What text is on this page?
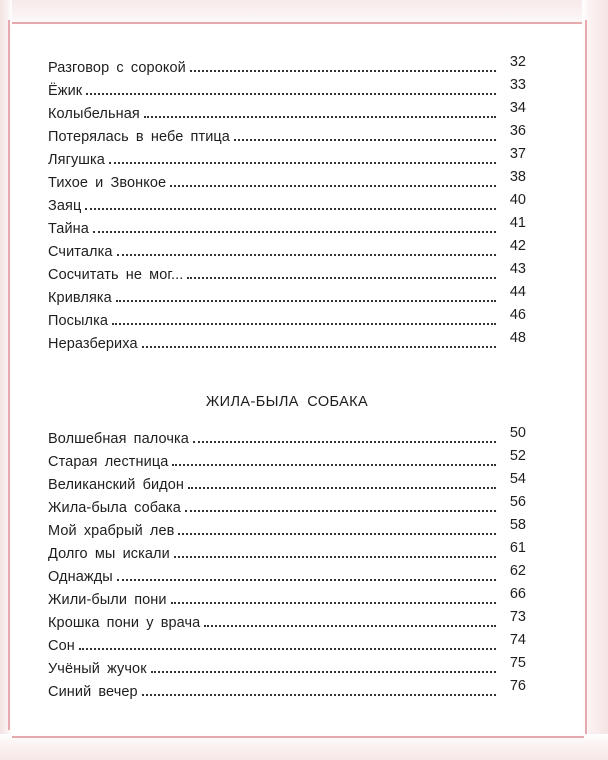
Разговор с сорокой	32
Ёжик	33
Колыбельная	34
Потерялась в небе птица	36
Лягушка	37
Тихое и Звонкое	38
Заяц	40
Тайна	41
Считалка	42
Сосчитать не мог...	43
Кривляка	44
Посылка	46
Неразбериха	48
ЖИЛА-БЫЛА СОБАКА
Волшебная палочка	50
Старая лестница	52
Великанский бидон	54
Жила-была собака	56
Мой храбрый лев	58
Долго мы искали	61
Однажды	62
Жили-были пони	66
Крошка пони у врача	73
Сон	74
Учёный жучок	75
Синий вечер	76
